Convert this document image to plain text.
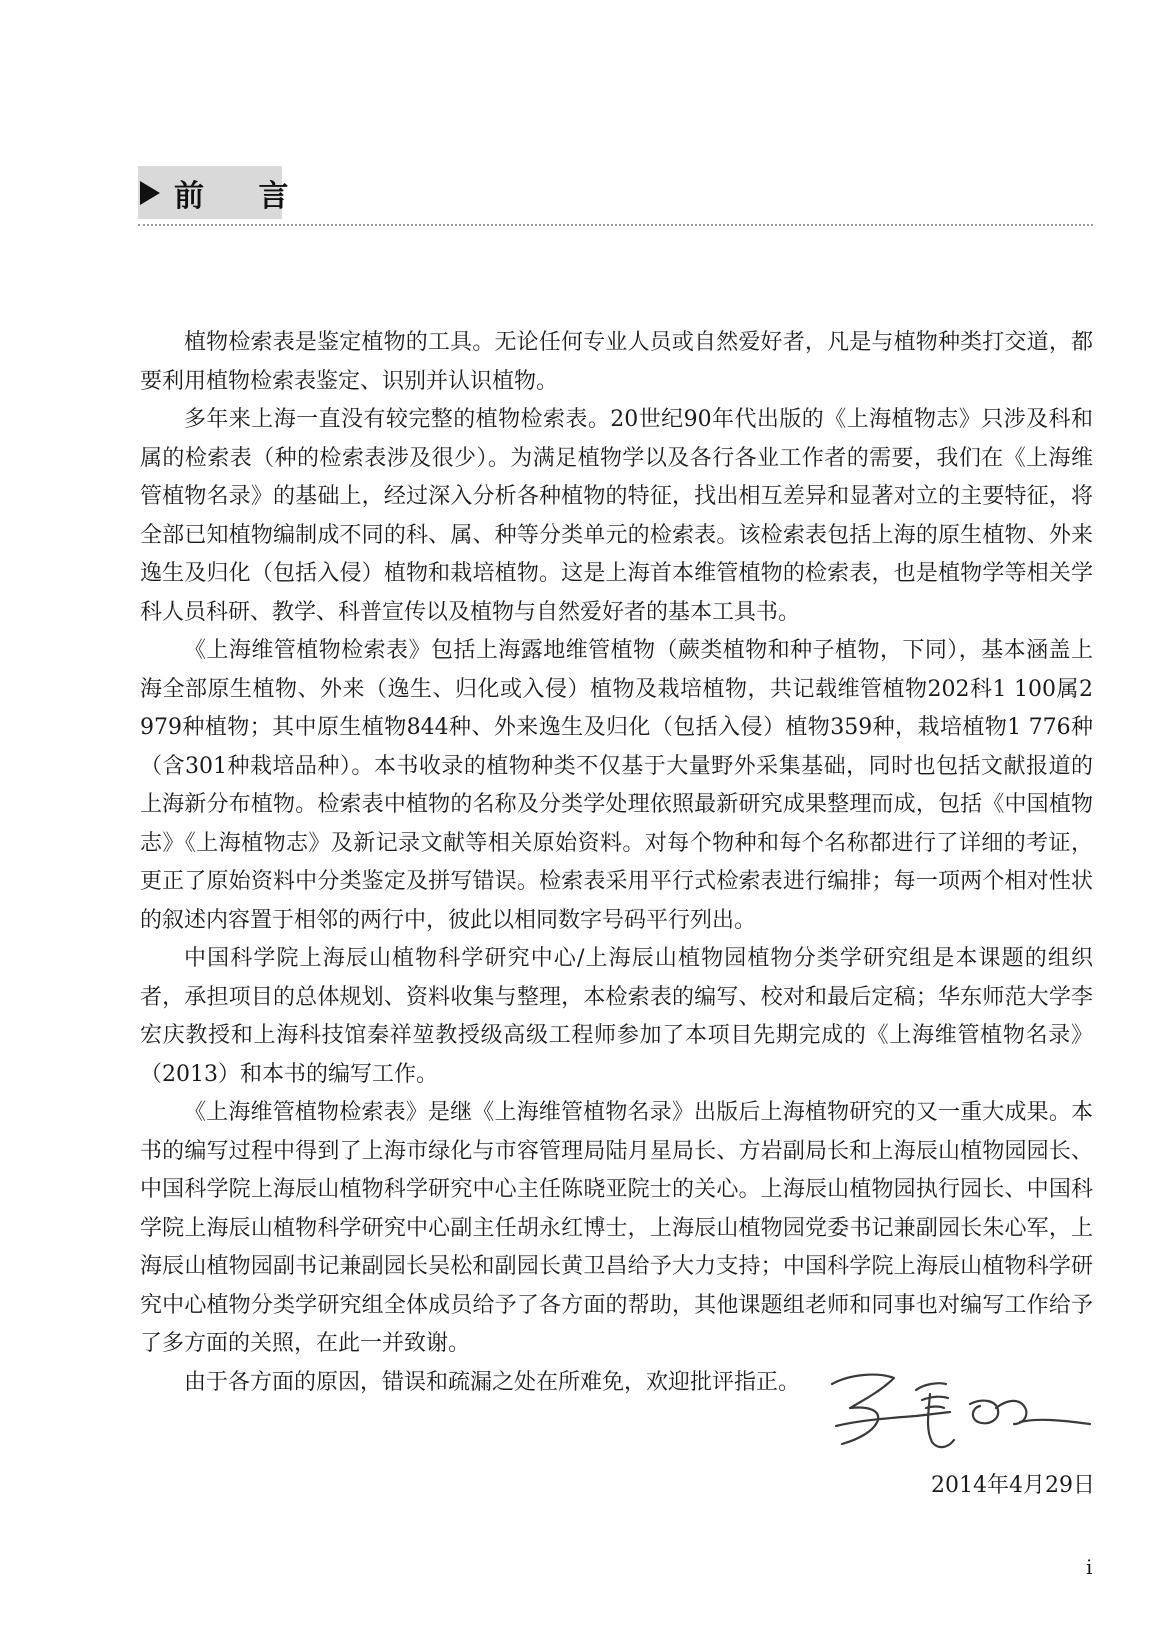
前 言

植物检索表是鉴定植物的工具。无论任何专业人员或自然爱好者，凡是与植物种类打交道，都要利用植物检索表鉴定、识别并认识植物。

多年来上海一直没有较完整的植物检索表。20世纪90年代出版的《上海植物志》只涉及科和属的检索表（种的检索表涉及很少）。为满足植物学以及各行各业工作者的需要，我们在《上海维管植物名录》的基础上，经过深入分析各种植物的特征，找出相互差异和显著对立的主要特征，将全部已知植物编制成不同的科、属、种等分类单元的检索表。该检索表包括上海的原生植物、外来逸生及归化（包括入侵）植物和栽培植物。这是上海首本维管植物的检索表，也是植物学等相关学科人员科研、教学、科普宣传以及植物与自然爱好者的基本工具书。

《上海维管植物检索表》包括上海露地维管植物（蕨类植物和种子植物，下同），基本涵盖上海全部原生植物、外来（逸生、归化或入侵）植物及栽培植物，共记载维管植物202科1 100属2 979种植物；其中原生植物844种、外来逸生及归化（包括入侵）植物359种，栽培植物1 776种（含301种栽培品种）。本书收录的植物种类不仅基于大量野外采集基础，同时也包括文献报道的上海新分布植物。检索表中植物的名称及分类学处理依照最新研究成果整理而成，包括《中国植物志》《上海植物志》及新记录文献等相关原始资料。对每个物种和每个名称都进行了详细的考证，更正了原始资料中分类鉴定及拼写错误。检索表采用平行式检索表进行编排；每一项两个相对性状的叙述内容置于相邻的两行中，彼此以相同数字号码平行列出。

中国科学院上海辰山植物科学研究中心/上海辰山植物园植物分类学研究组是本课题的组织者，承担项目的总体规划、资料收集与整理，本检索表的编写、校对和最后定稿；华东师范大学李宏庆教授和上海科技馆秦祥堃教授级高级工程师参加了本项目先期完成的《上海维管植物名录》（2013）和本书的编写工作。

《上海维管植物检索表》是继《上海维管植物名录》出版后上海植物研究的又一重大成果。本书的编写过程中得到了上海市绿化与市容管理局陆月星局长、方岩副局长和上海辰山植物园园长、中国科学院上海辰山植物科学研究中心主任陈晓亚院士的关心。上海辰山植物园执行园长、中国科学院上海辰山植物科学研究中心副主任胡永红博士，上海辰山植物园党委书记兼副园长朱心军，上海辰山植物园副书记兼副园长吴松和副园长黄卫昌给予大力支持；中国科学院上海辰山植物科学研究中心植物分类学研究组全体成员给予了各方面的帮助，其他课题组老师和同事也对编写工作给予了多方面的关照，在此一并致谢。

由于各方面的原因，错误和疏漏之处在所难免，欢迎批评指正。

2014年4月29日
i
